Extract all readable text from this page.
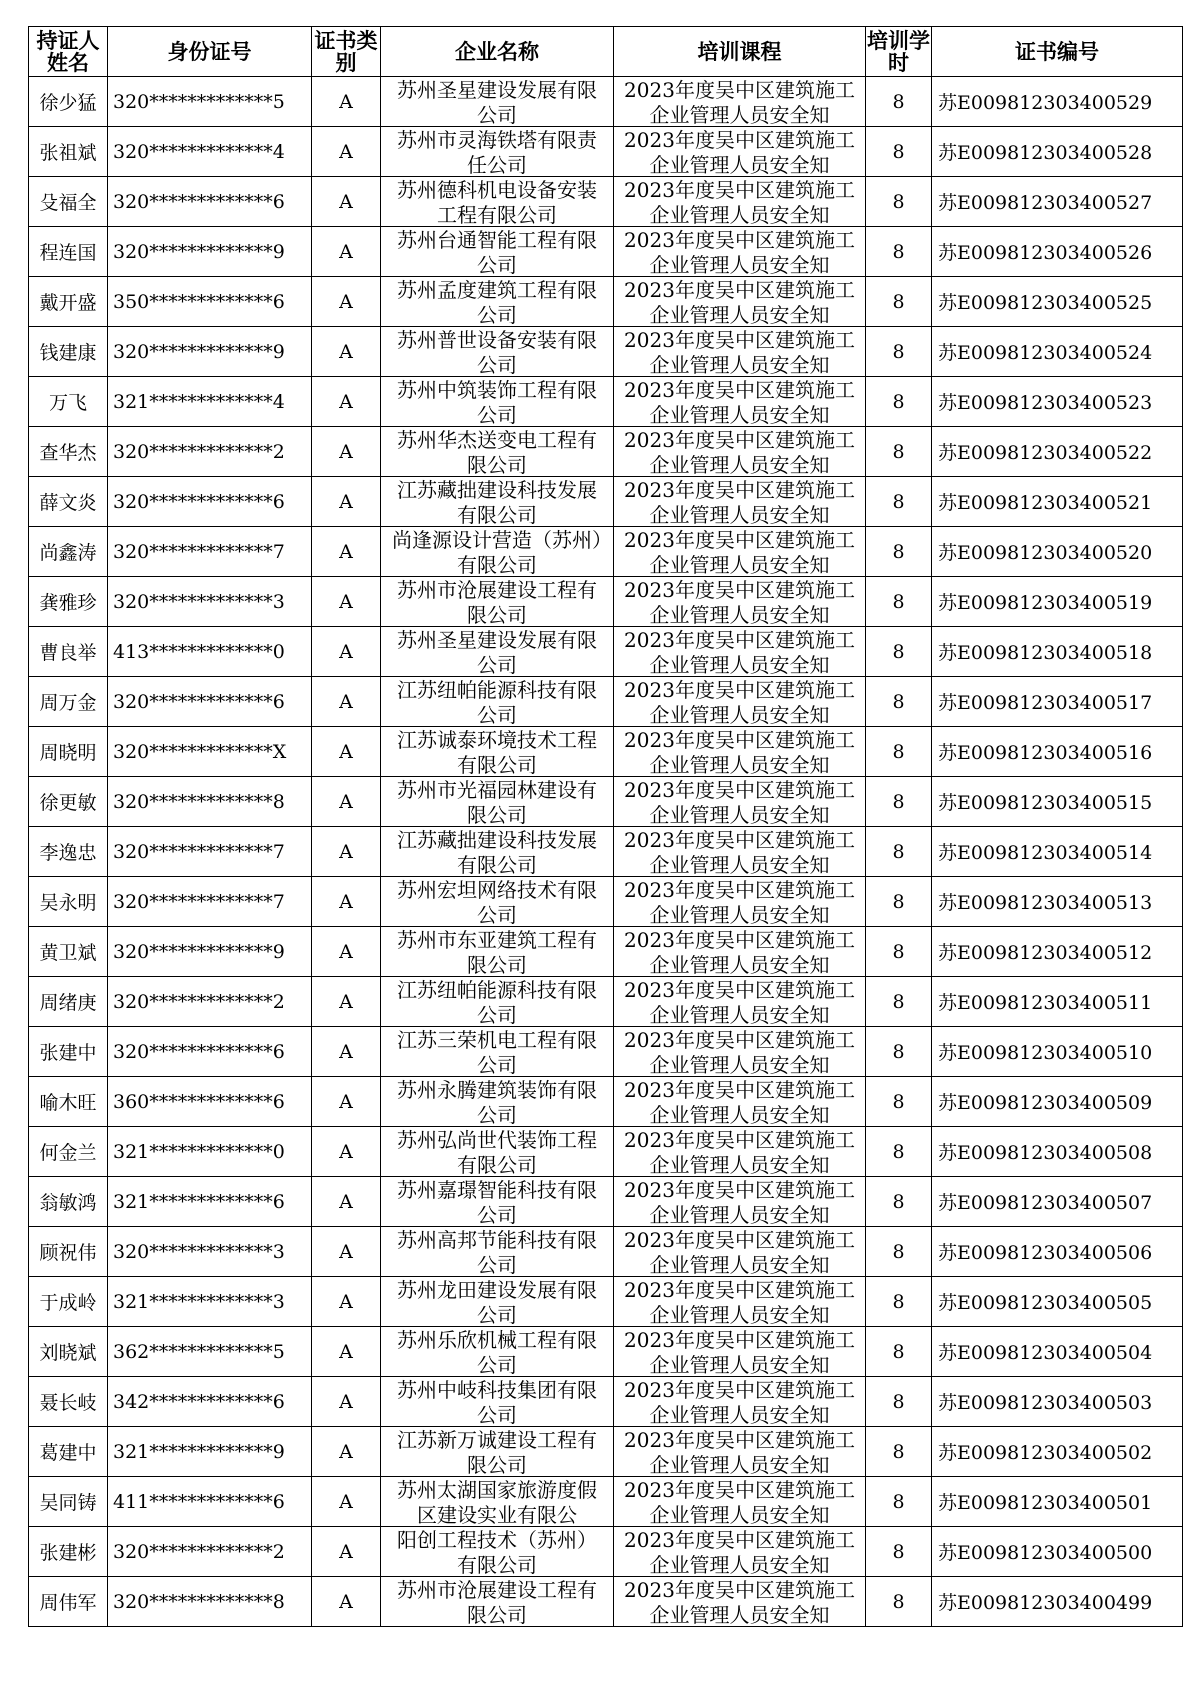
持证人姓名	身份证号	证书类别	企业名称	培训课程	培训学时	证书编号
徐少猛	320*************5	A	苏州圣星建设发展有限公司	2023年度吴中区建筑施工企业管理人员安全知	8	苏E009812303400529
张祖斌	320*************4	A	苏州市灵海铁塔有限责任公司	2023年度吴中区建筑施工企业管理人员安全知	8	苏E009812303400528
殳福全	320*************6	A	苏州德科机电设备安装工程有限公司	2023年度吴中区建筑施工企业管理人员安全知	8	苏E009812303400527
程连国	320*************9	A	苏州台通智能工程有限公司	2023年度吴中区建筑施工企业管理人员安全知	8	苏E009812303400526
戴开盛	350*************6	A	苏州孟度建筑工程有限公司	2023年度吴中区建筑施工企业管理人员安全知	8	苏E009812303400525
钱建康	320*************9	A	苏州普世设备安装有限公司	2023年度吴中区建筑施工企业管理人员安全知	8	苏E009812303400524
万飞	321*************4	A	苏州中筑装饰工程有限公司	2023年度吴中区建筑施工企业管理人员安全知	8	苏E009812303400523
查华杰	320*************2	A	苏州华杰送变电工程有限公司	2023年度吴中区建筑施工企业管理人员安全知	8	苏E009812303400522
薛文炎	320*************6	A	江苏藏拙建设科技发展有限公司	2023年度吴中区建筑施工企业管理人员安全知	8	苏E009812303400521
尚鑫涛	320*************7	A	尚逢源设计营造（苏州）有限公司	2023年度吴中区建筑施工企业管理人员安全知	8	苏E009812303400520
龚雅珍	320*************3	A	苏州市沧展建设工程有限公司	2023年度吴中区建筑施工企业管理人员安全知	8	苏E009812303400519
曹良举	413*************0	A	苏州圣星建设发展有限公司	2023年度吴中区建筑施工企业管理人员安全知	8	苏E009812303400518
周万金	320*************6	A	江苏纽帕能源科技有限公司	2023年度吴中区建筑施工企业管理人员安全知	8	苏E009812303400517
周晓明	320*************X	A	江苏诚泰环境技术工程有限公司	2023年度吴中区建筑施工企业管理人员安全知	8	苏E009812303400516
徐更敏	320*************8	A	苏州市光福园林建设有限公司	2023年度吴中区建筑施工企业管理人员安全知	8	苏E009812303400515
李逸忠	320*************7	A	江苏藏拙建设科技发展有限公司	2023年度吴中区建筑施工企业管理人员安全知	8	苏E009812303400514
吴永明	320*************7	A	苏州宏坦网络技术有限公司	2023年度吴中区建筑施工企业管理人员安全知	8	苏E009812303400513
黄卫斌	320*************9	A	苏州市东亚建筑工程有限公司	2023年度吴中区建筑施工企业管理人员安全知	8	苏E009812303400512
周绪庚	320*************2	A	江苏纽帕能源科技有限公司	2023年度吴中区建筑施工企业管理人员安全知	8	苏E009812303400511
张建中	320*************6	A	江苏三荣机电工程有限公司	2023年度吴中区建筑施工企业管理人员安全知	8	苏E009812303400510
喻木旺	360*************6	A	苏州永腾建筑装饰有限公司	2023年度吴中区建筑施工企业管理人员安全知	8	苏E009812303400509
何金兰	321*************0	A	苏州弘尚世代装饰工程有限公司	2023年度吴中区建筑施工企业管理人员安全知	8	苏E009812303400508
翁敏鸿	321*************6	A	苏州嘉璟智能科技有限公司	2023年度吴中区建筑施工企业管理人员安全知	8	苏E009812303400507
顾祝伟	320*************3	A	苏州高邦节能科技有限公司	2023年度吴中区建筑施工企业管理人员安全知	8	苏E009812303400506
于成岭	321*************3	A	苏州龙田建设发展有限公司	2023年度吴中区建筑施工企业管理人员安全知	8	苏E009812303400505
刘晓斌	362*************5	A	苏州乐欣机械工程有限公司	2023年度吴中区建筑施工企业管理人员安全知	8	苏E009812303400504
聂长岐	342*************6	A	苏州中岐科技集团有限公司	2023年度吴中区建筑施工企业管理人员安全知	8	苏E009812303400503
葛建中	321*************9	A	江苏新万诚建设工程有限公司	2023年度吴中区建筑施工企业管理人员安全知	8	苏E009812303400502
吴同铸	411*************6	A	苏州太湖国家旅游度假区建设实业有限公	2023年度吴中区建筑施工企业管理人员安全知	8	苏E009812303400501
张建彬	320*************2	A	阳创工程技术（苏州）有限公司	2023年度吴中区建筑施工企业管理人员安全知	8	苏E009812303400500
周伟军	320*************8	A	苏州市沧展建设工程有限公司	2023年度吴中区建筑施工企业管理人员安全知	8	苏E009812303400499
